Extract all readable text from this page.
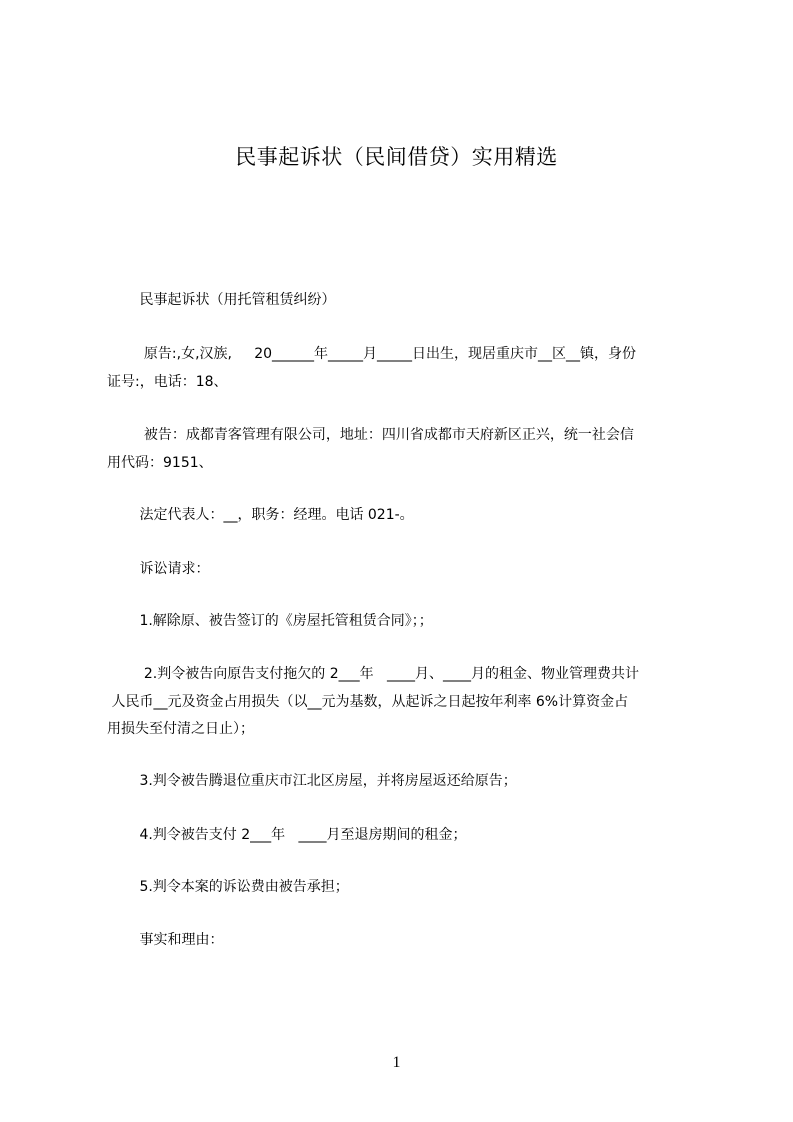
民事起诉状（民间借贷）实用精选
　　 民事起诉状（用托管租赁纠纷）
　　  原告:,女,汉族,     20______年_____月_____日出生，现居重庆市__区__镇，身份
证号:，电话：18、
　　  被告：成都青客管理有限公司，地址：四川省成都市天府新区正兴，统一社会信
用代码：9151、
　　 法定代表人：__，职务：经理。电话 021-。
　　 诉讼请求：
　　 1.解除原、被告签订的《房屋托管租赁合同》；；
　　  2.判令被告向原告支付拖欠的 2___年   ____月、____月的租金、物业管理费共计
人民币__元及资金占用损失（以__元为基数，从起诉之日起按年利率 6%计算资金占
用损失至付清之日止）；
　　 3.判令被告腾退位重庆市江北区房屋，并将房屋返还给原告；
　　 4.判令被告支付 2___年   ____月至退房期间的租金；
　　 5.判令本案的诉讼费由被告承担；
　　 事实和理由：
1
